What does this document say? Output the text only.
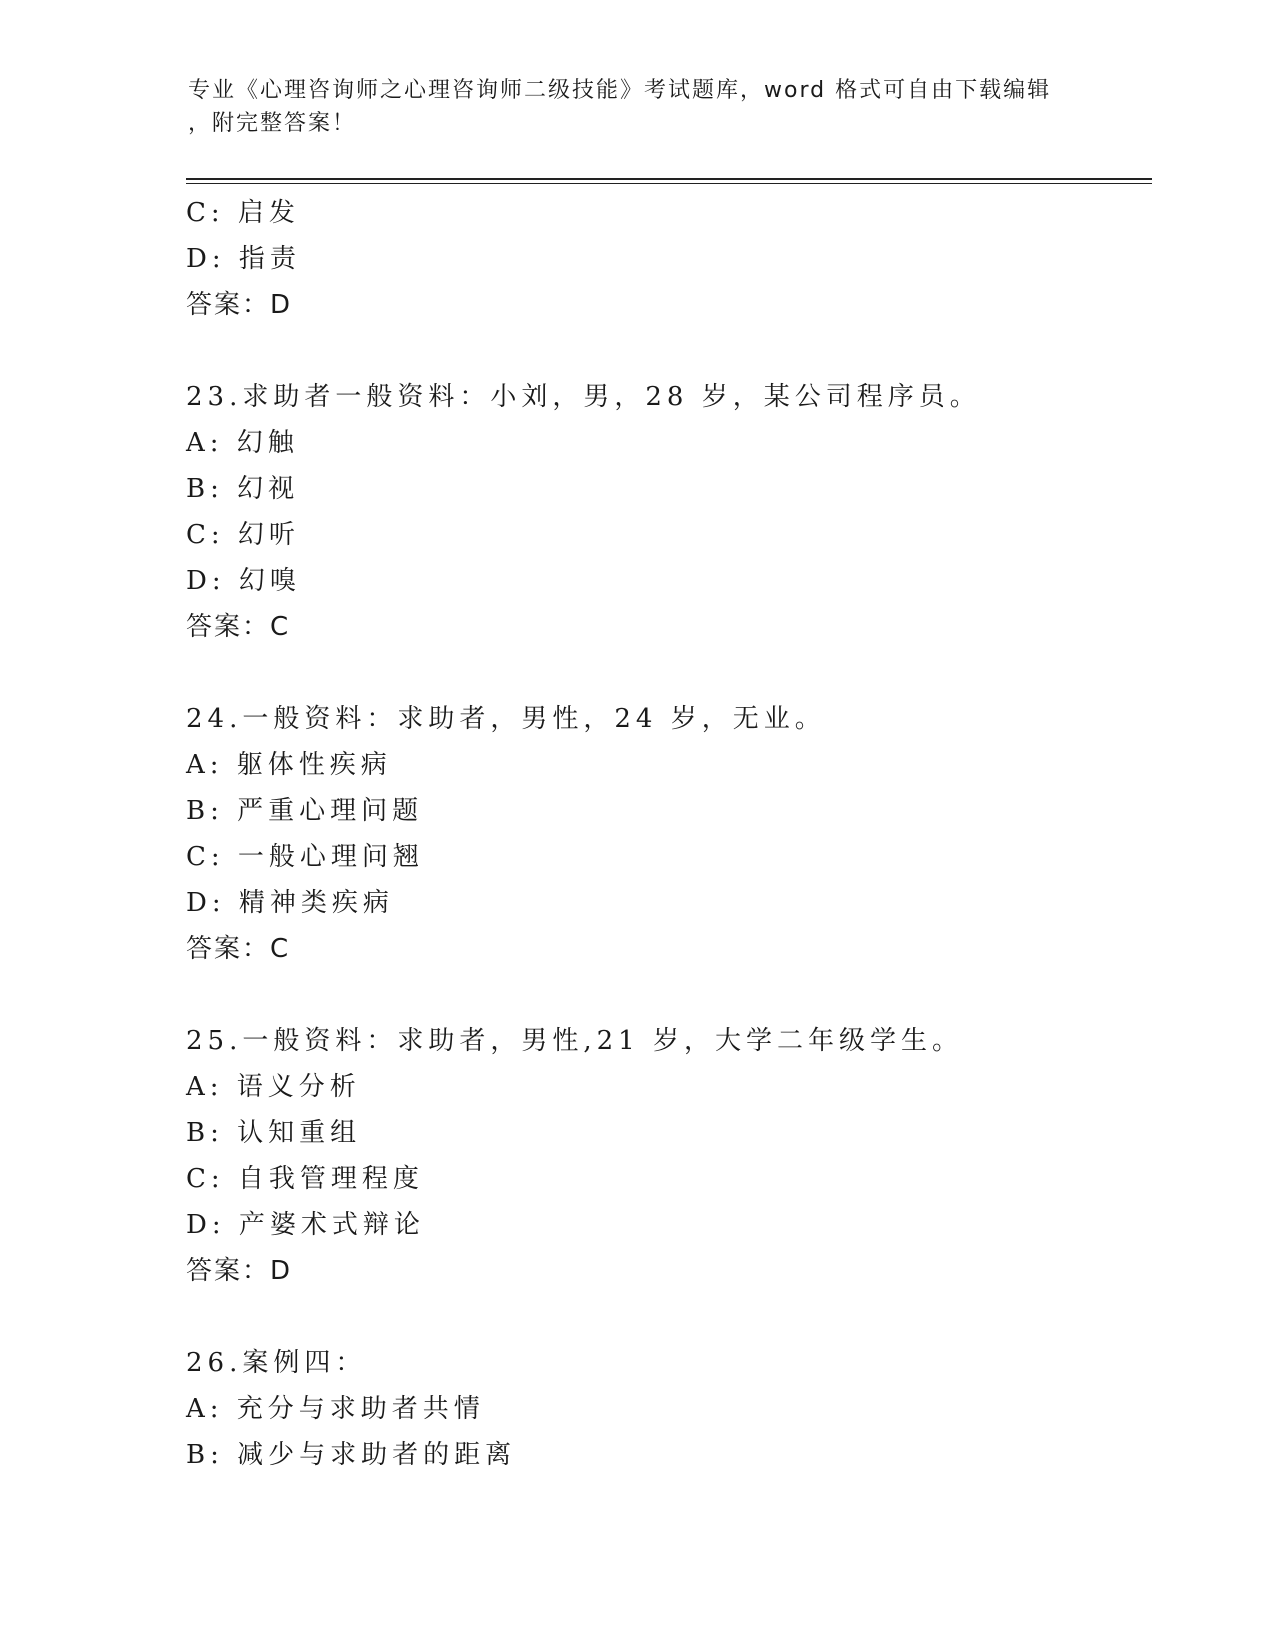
专业《心理咨询师之心理咨询师二级技能》考试题库，word 格式可自由下载编辑
，附完整答案！
C: 启发
D: 指责
答案：D
23.求助者一般资料：小刘，男，28 岁，某公司程序员。
A: 幻触
B: 幻视
C: 幻听
D: 幻嗅
答案：C
24.一般资料：求助者，男性，24 岁，无业。
A: 躯体性疾病
B: 严重心理问题
C: 一般心理问翘
D: 精神类疾病
答案：C
25.一般资料：求助者，男性,21 岁，大学二年级学生。
A: 语义分析
B: 认知重组
C: 自我管理程度
D: 产婆术式辩论
答案：D
26.案例四：
A: 充分与求助者共情
B: 减少与求助者的距离
